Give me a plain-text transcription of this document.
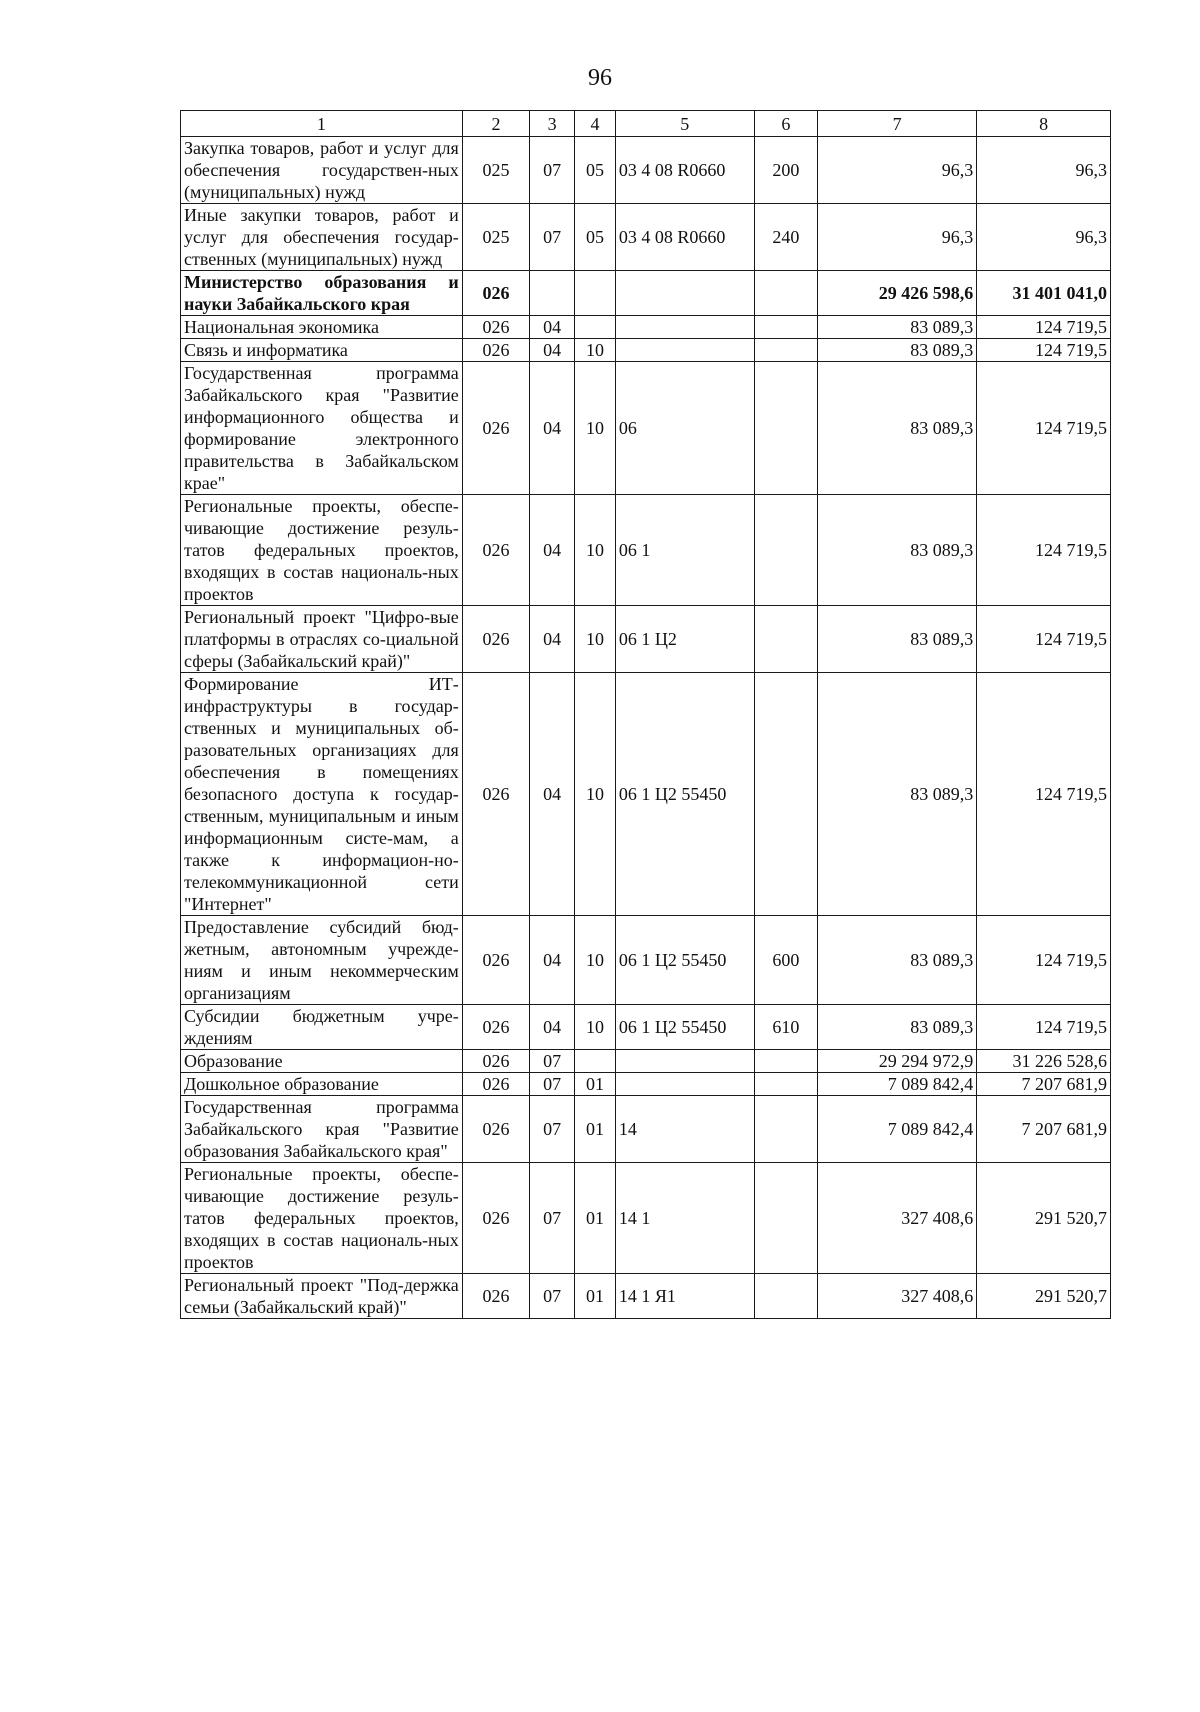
96
1	2	3	4	5	6	7	8
Закупка товаров, работ и услуг для обеспечения государствен-ных (муниципальных) нужд	025	07	05	03 4 08 R0660	200	96,3	96,3
Иные закупки товаров, работ и услуг для обеспечения государ-ственных (муниципальных) нужд	025	07	05	03 4 08 R0660	240	96,3	96,3
Министерство образования и науки Забайкальского края	026					29 426 598,6	31 401 041,0
Национальная экономика	026	04				83 089,3	124 719,5
Связь и информатика	026	04	10			83 089,3	124 719,5
Государственная программа Забайкальского края "Развитие информационного общества и формирование электронного правительства в Забайкальском крае"	026	04	10	06		83 089,3	124 719,5
Региональные проекты, обеспе-чивающие достижение резуль-татов федеральных проектов, входящих в состав националь-ных проектов	026	04	10	06 1		83 089,3	124 719,5
Региональный проект "Цифро-вые платформы в отраслях со-циальной сферы (Забайкальский край)"	026	04	10	06 1 Ц2		83 089,3	124 719,5
Формирование ИТ-инфраструктуры в государ-ственных и муниципальных об-разовательных организациях для обеспечения в помещениях безопасного доступа к государ-ственным, муниципальным и иным информационным систе-мам, а также к информацион-но-телекоммуникационной сети "Интернет"	026	04	10	06 1 Ц2 55450		83 089,3	124 719,5
Предоставление субсидий бюд-жетным, автономным учрежде-ниям и иным некоммерческим организациям	026	04	10	06 1 Ц2 55450	600	83 089,3	124 719,5
Субсидии бюджетным учре-ждениям	026	04	10	06 1 Ц2 55450	610	83 089,3	124 719,5
Образование	026	07				29 294 972,9	31 226 528,6
Дошкольное образование	026	07	01			7 089 842,4	7 207 681,9
Государственная программа Забайкальского края "Развитие образования Забайкальского края"	026	07	01	14		7 089 842,4	7 207 681,9
Региональные проекты, обеспе-чивающие достижение резуль-татов федеральных проектов, входящих в состав националь-ных проектов	026	07	01	14 1		327 408,6	291 520,7
Региональный проект "Под-держка семьи (Забайкальский край)"	026	07	01	14 1 Я1		327 408,6	291 520,7
